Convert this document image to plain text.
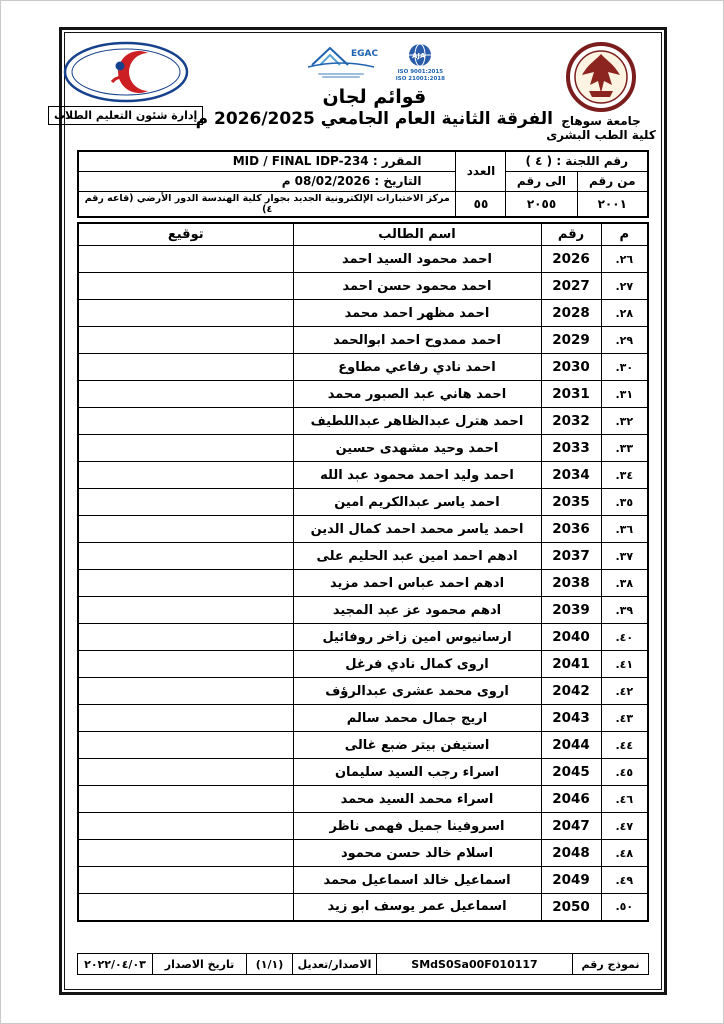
جامعة سوهاج
كلية الطب البشرى
EGAC	AJA
ISO 9001:2015
ISO 21001:2018
قوائم لجان
الفرقة الثانية العام الجامعي 2026/2025 م
إدارة شئون التعليم الطلاب
رقم اللجنة : ( ٤ )		العدد	المقرر : MID / FINAL IDP-234
من رقم	الى رقم		التاريخ : 08/02/2026 م
٢٠٠١	٢٠٥٥	٥٥	مركز الاختبارات الإلكترونية الجديد بجوار كلية الهندسة الدور الأرضي (قاعه رقم ٤)
م	رقم	اسم الطالب	توقيع
٢٦.	2026	احمد محمود السيد احمد	
٢٧.	2027	احمد محمود حسن احمد	
٢٨.	2028	احمد مظهر احمد محمد	
٢٩.	2029	احمد ممدوح احمد ابوالحمد	
٣٠.	2030	احمد نادي رفاعي مطاوع	
٣١.	2031	احمد هاني عبد الصبور محمد	
٣٢.	2032	احمد هترل عبدالظاهر عبداللطيف	
٣٣.	2033	احمد وحيد مشهدى حسين	
٣٤.	2034	احمد وليد احمد محمود عبد الله	
٣٥.	2035	احمد ياسر عبدالكريم امين	
٣٦.	2036	احمد ياسر محمد احمد كمال الدين	
٣٧.	2037	ادهم احمد امين عبد الحليم على	
٣٨.	2038	ادهم احمد عباس احمد مزيد	
٣٩.	2039	ادهم محمود عز عبد المجيد	
٤٠.	2040	ارسانيوس امين زاخر روفائيل	
٤١.	2041	اروى كمال نادي فرغل	
٤٢.	2042	اروى محمد عشرى عبدالرؤف	
٤٣.	2043	اريج جمال محمد سالم	
٤٤.	2044	استيفن بيتر ضبع غالى	
٤٥.	2045	اسراء رجب السيد سليمان	
٤٦.	2046	اسراء محمد السيد محمد	
٤٧.	2047	اسروفينا جميل فهمى ناظر	
٤٨.	2048	اسلام خالد حسن محمود	
٤٩.	2049	اسماعيل خالد اسماعيل محمد	
٥٠.	2050	اسماعيل عمر يوسف ابو زيد	
نموذج رقم	SMdS0Sa00F010117	الاصدار/تعديل	(١/١)	تاريخ الاصدار	٢٠٢٢/٠٤/٠٣
